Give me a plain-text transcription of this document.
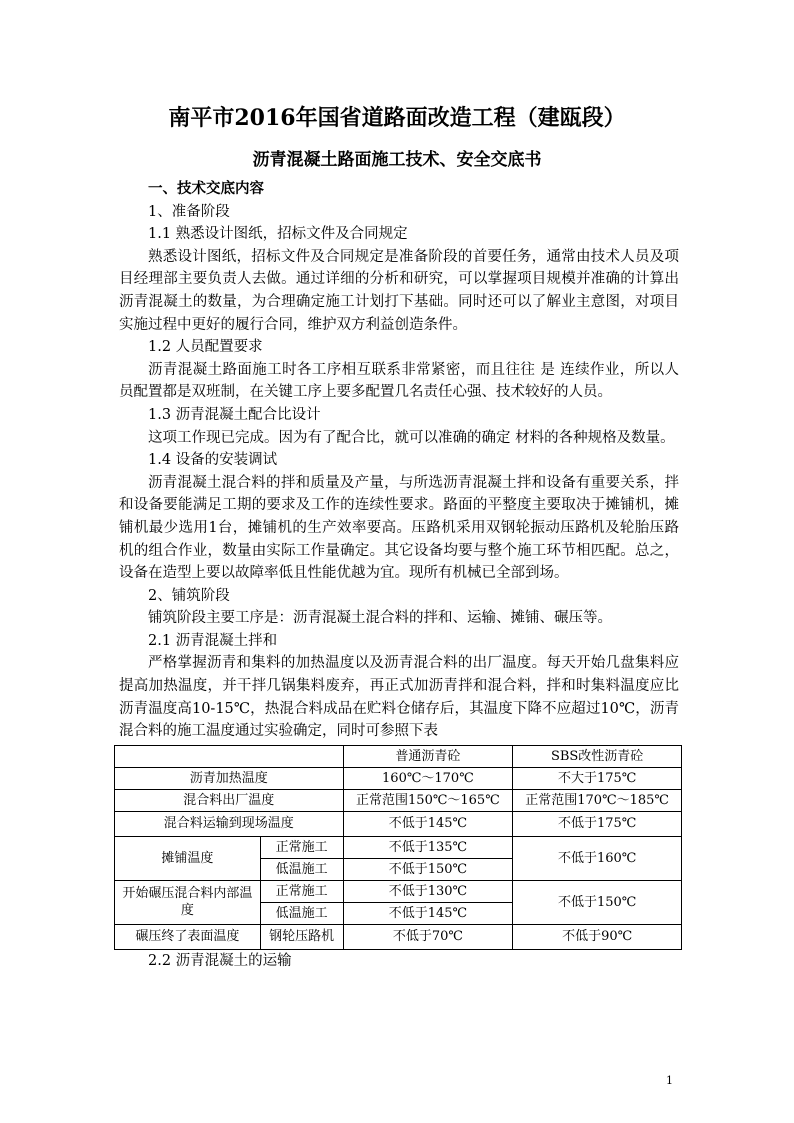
南平市2016年国省道路面改造工程（建瓯段）
沥青混凝土路面施工技术、安全交底书

一、技术交底内容

1、准备阶段

1.1 熟悉设计图纸，招标文件及合同规定

熟悉设计图纸，招标文件及合同规定是准备阶段的首要任务，通常由技术人员及项目经理部主要负责人去做。通过详细的分析和研究，可以掌握项目规模并准确的计算出沥青混凝土的数量，为合理确定施工计划打下基础。同时还可以了解业主意图，对项目实施过程中更好的履行合同，维护双方利益创造条件。

1.2 人员配置要求

沥青混凝土路面施工时各工序相互联系非常紧密，而且往往 是 连续作业，所以人员配置都是双班制，在关键工序上要多配置几名责任心强、技术较好的人员。

1.3 沥青混凝土配合比设计

这项工作现已完成。因为有了配合比，就可以准确的确定 材料的各种规格及数量。

1.4 设备的安装调试

沥青混凝土混合料的拌和质量及产量，与所选沥青混凝土拌和设备有重要关系，拌和设备要能满足工期的要求及工作的连续性要求。路面的平整度主要取决于摊铺机，摊铺机最少选用1台，摊铺机的生产效率要高。压路机采用双钢轮振动压路机及轮胎压路机的组合作业，数量由实际工作量确定。其它设备均要与整个施工环节相匹配。总之，设备在造型上要以故障率低且性能优越为宜。现所有机械已全部到场。

2、铺筑阶段

铺筑阶段主要工序是：沥青混凝土混合料的拌和、运输、摊铺、碾压等。

2.1 沥青混凝土拌和

严格掌握沥青和集料的加热温度以及沥青混合料的出厂温度。每天开始几盘集料应提高加热温度，并干拌几锅集料废弃，再正式加沥青拌和混合料，拌和时集料温度应比沥青温度高10-15℃，热混合料成品在贮料仓储存后，其温度下降不应超过10℃，沥青混合料的施工温度通过实验确定，同时可参照下表

		普通沥青砼	SBS改性沥青砼
沥青加热温度		160℃～170℃	不大于175℃
混合料出厂温度		正常范围150℃～165℃	正常范围170℃～185℃
混合料运输到现场温度		不低于145℃	不低于175℃
摊铺温度	正常施工	不低于135℃	不低于160℃
	低温施工	不低于150℃	
开始碾压混合料内部温度	正常施工	不低于130℃	不低于150℃
	低温施工	不低于145℃	
碾压终了表面温度	钢轮压路机	不低于70℃	不低于90℃

2.2 沥青混凝土的运输

1
